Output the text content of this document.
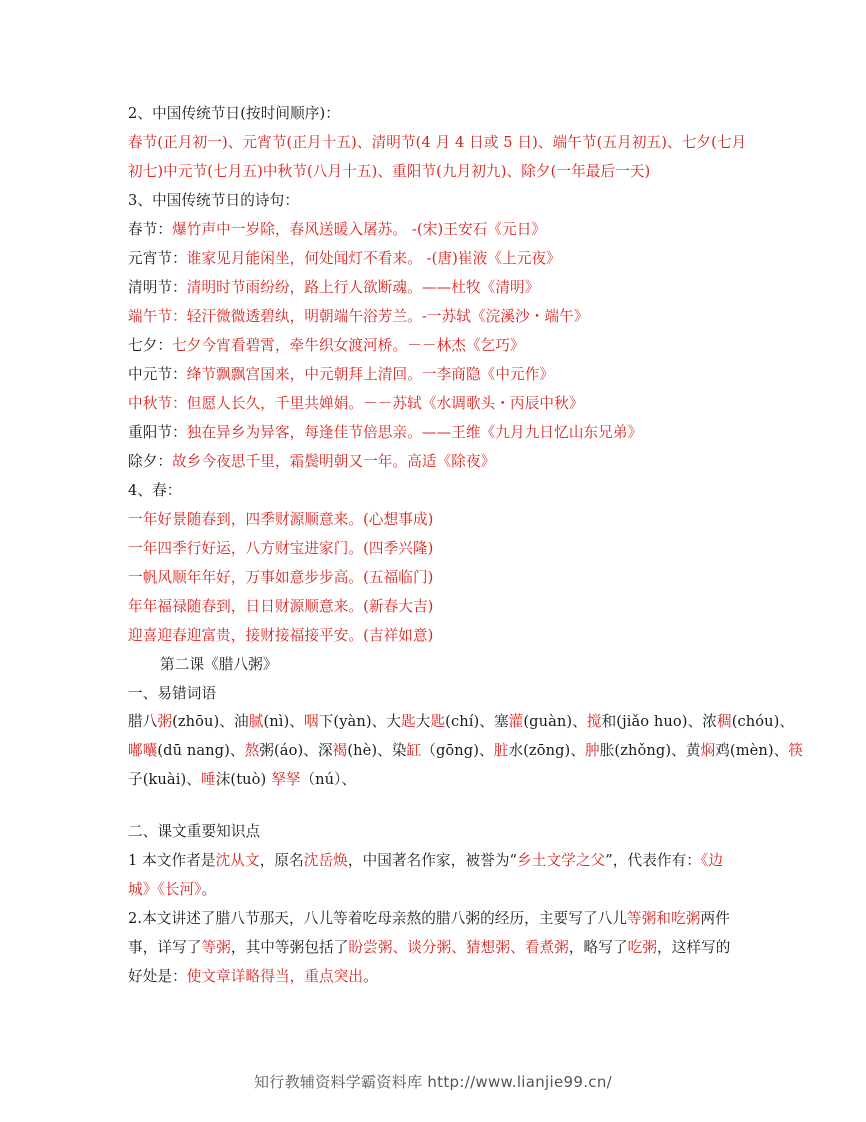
2、中国传统节日(按时间顺序)：
春节(正月初一)、元宵节(正月十五)、清明节(4 月 4 日或 5 日)、端午节(五月初五)、七夕(七月
初七)中元节(七月五)中秋节(八月十五)、重阳节(九月初九)、除夕(一年最后一天)
3、中国传统节日的诗句：
春节：爆竹声中一岁除，春风送暖入屠苏。 -(宋)王安石《元日》
元宵节：谁家见月能闲坐，何处闻灯不看来。 -(唐)崔液《上元夜》
清明节：清明时节雨纷纷，路上行人欲断魂。——杜牧《清明》
端午节：轻汗微微透碧纨，明朝端午浴芳兰。-一苏轼《浣溪沙・端午》
七夕：七夕今宵看碧霄，牵牛织女渡河桥。－－林杰《乞巧》
中元节：绛节飘飘宫国来，中元朝拜上清回。一李商隐《中元作》
中秋节：但愿人长久，千里共婵娟。－－苏轼《水调歌头・丙辰中秋》
重阳节：独在异乡为异客，每逢佳节倍思亲。——王维《九月九日忆山东兄弟》
除夕：故乡今夜思千里，霜鬓明朝又一年。高适《除夜》
4、春：
一年好景随春到，四季财源顺意来。(心想事成)
一年四季行好运，八方财宝进家门。(四季兴隆)
一帆风顺年年好，万事如意步步高。(五福临门)
年年福禄随春到，日日财源顺意来。(新春大吉)
迎喜迎春迎富贵，接财接福接平安。(吉祥如意)
第二课《腊八粥》
一、易错词语
腊八粥(zhōu)、油腻(nì)、咽下(yàn)、大匙大匙(chí)、塞灌(guàn)、搅和(jiǎo huo)、浓稠(chóu)、
嘟囔(dū nang)、熬粥(áo)、深褐(hè)、染缸（gōng)、脏水(zōng)、肿胀(zhǒng)、黄焖鸡(mèn)、筷
子(kuài)、唾沫(tuò) 孥孥（nú）、
二、课文重要知识点
1 本文作者是沈从文，原名沈岳焕，中国著名作家，被誉为“乡土文学之父”，代表作有：《边
城》《长河》。
2.本文讲述了腊八节那天，八儿等着吃母亲熬的腊八粥的经历，主要写了八儿等粥和吃粥两件
事，详写了等粥，其中等粥包括了盼尝粥、谈分粥、猜想粥、看煮粥，略写了吃粥，这样写的
好处是：使文章详略得当，重点突出。
知行教辅资料学霸资料库 http://www.lianjie99.cn/
